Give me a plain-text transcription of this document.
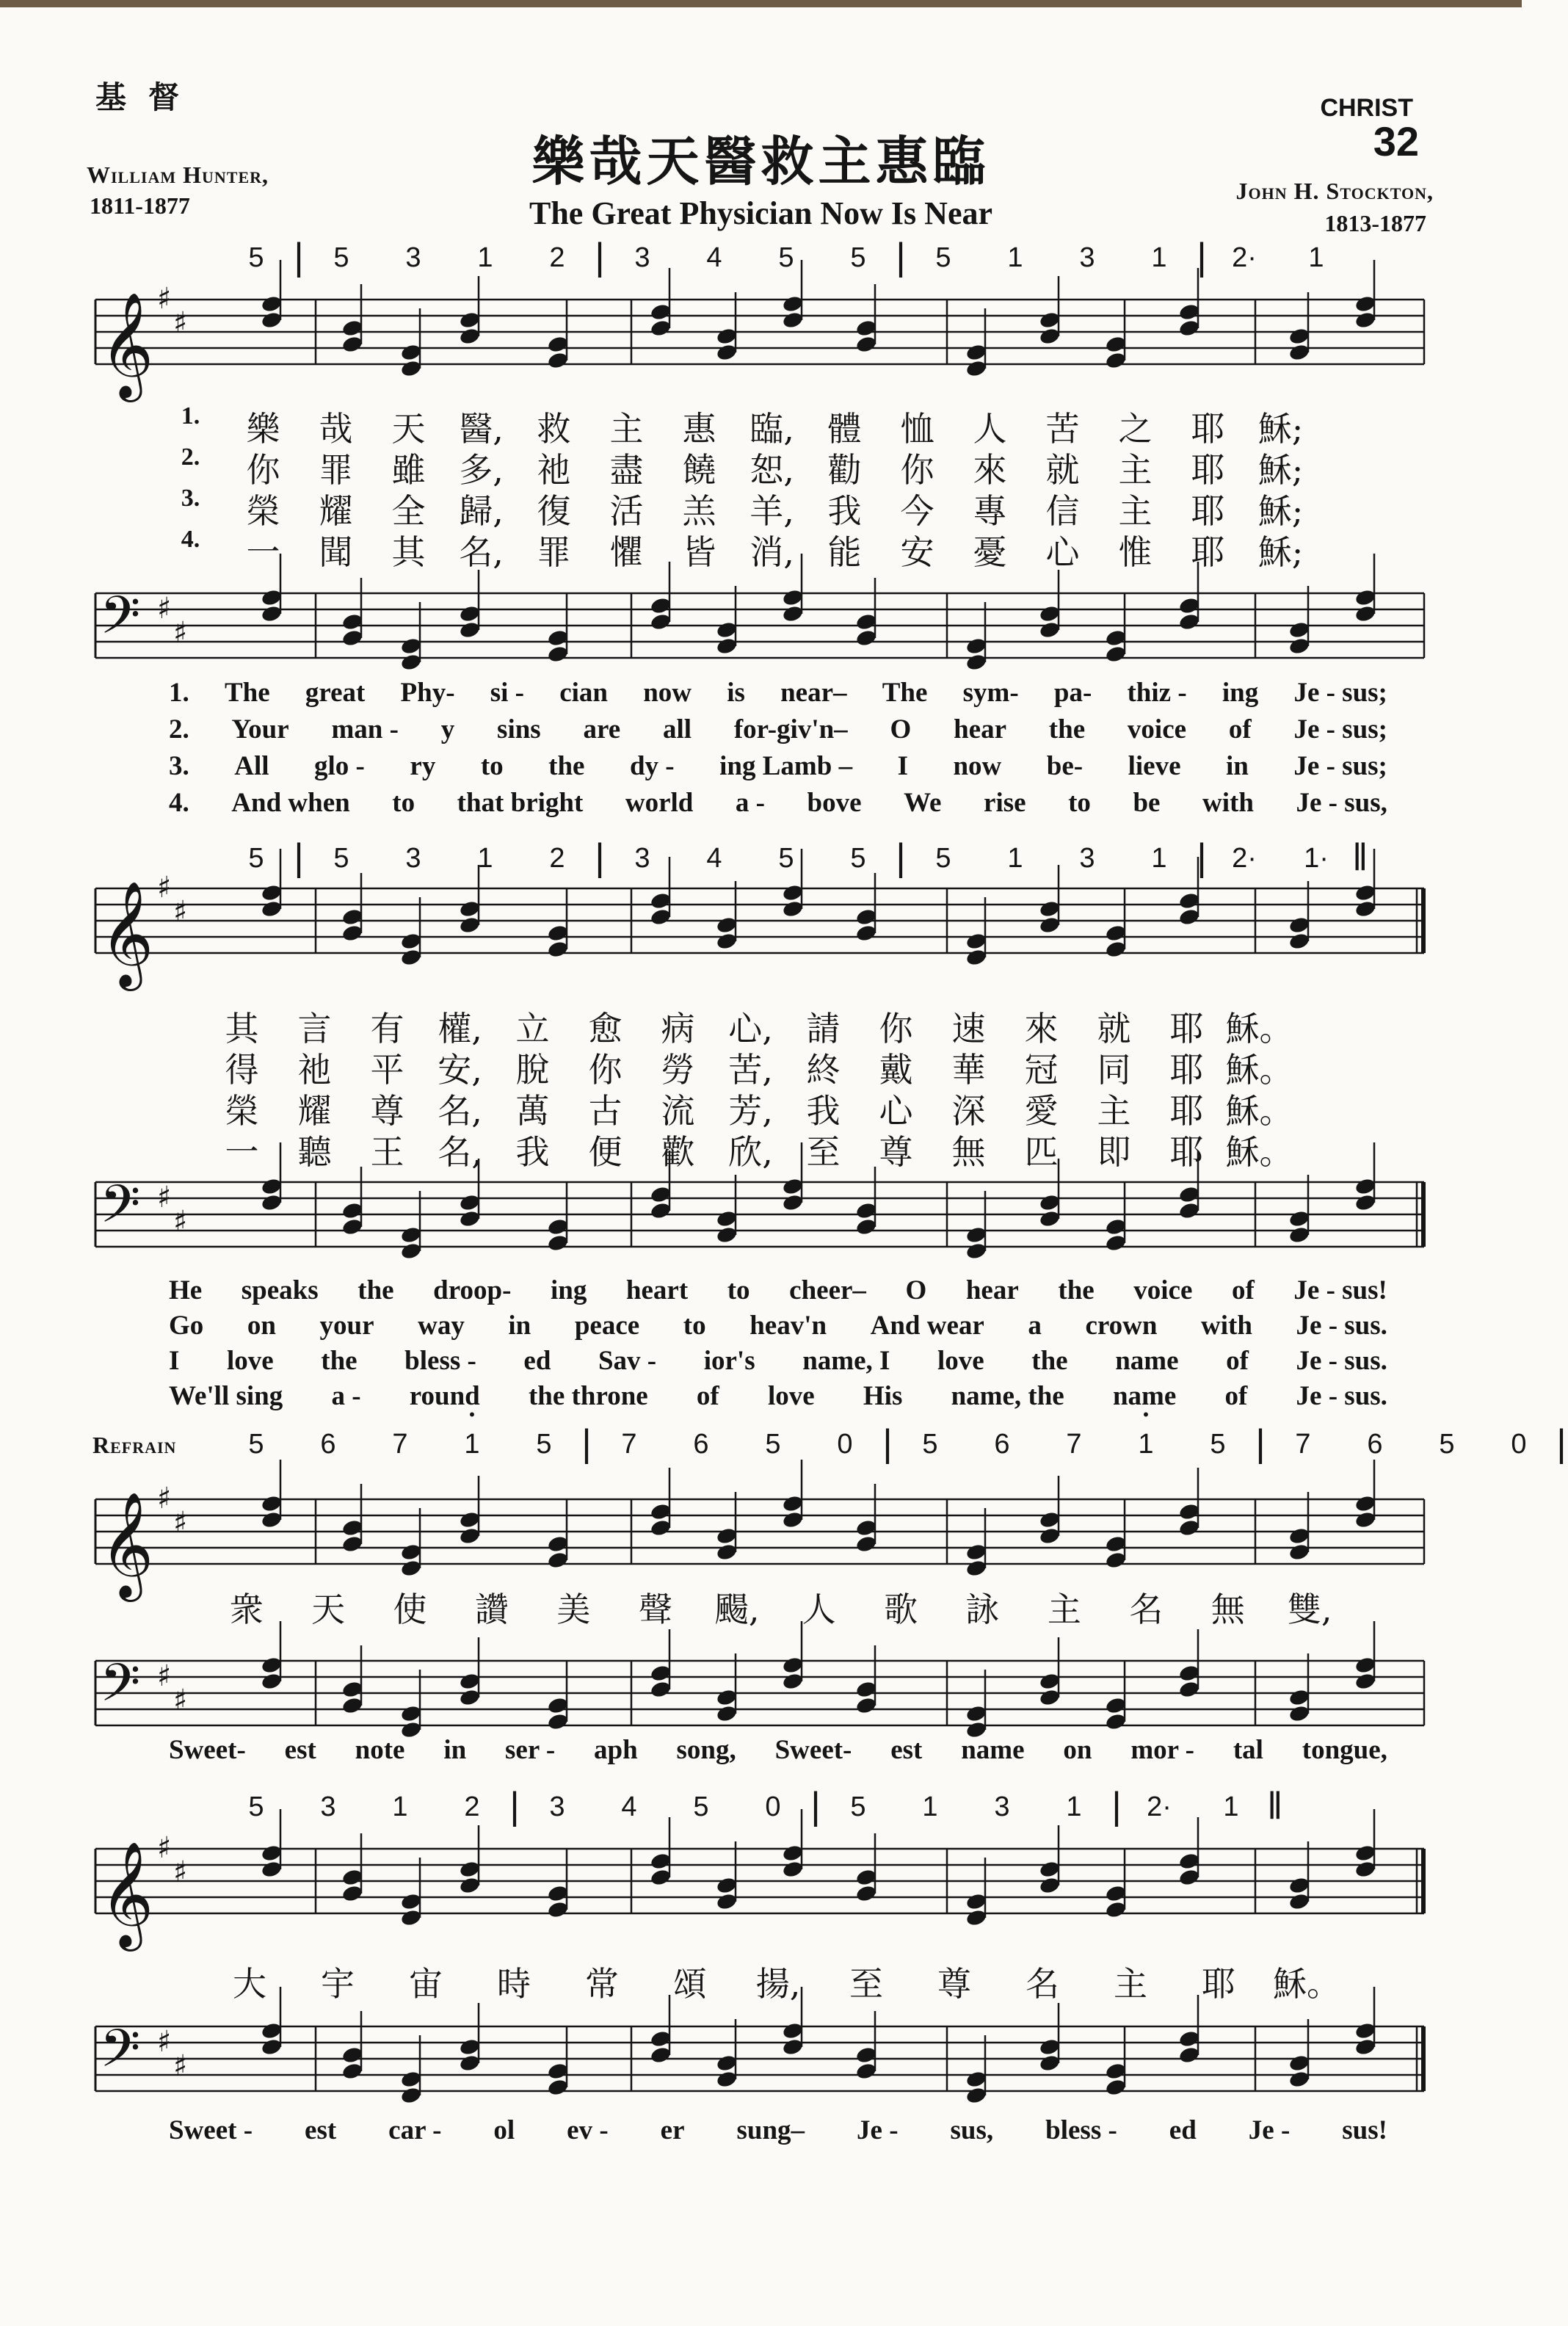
基督	CHRIST
32
樂哉天醫救主惠臨
The Great Physician Now Is Near
William Hunter,
1811-1877
John H. Stockton,
1813-1877
5 |	5	3	1	2 |	3	4	5	5 |	5	1	3	1 | 2·	1
𝄞 ♯
♯
1.	樂	哉	天 醫, 救	主	惠 臨, 體	恤	人	苦	之	耶 穌;
2.	你	罪	雖 多, 祂	盡	饒 恕, 勸	你	來	就	主	耶 穌;
3.	榮	耀	全 歸, 復	活	羔 羊, 我	今	專	信	主	耶 穌;
4.	一	聞	其 名, 罪	懼	皆 消, 能	安	憂	心	惟	耶 穌;
𝄢 ♯
♯
1. The great Phy- si - cian now is near– The sym- pa- thiz - ing Je - sus;
2. Your man - y sins are all for-giv'n– O hear the voice of Je - sus;
3. All glo - ry to the dy - ing Lamb – I now be- lieve in Je - sus;
4. And when to that bright world a - bove We rise to be with Je - sus,
5 |	5	3	1	2 |	3	4	5	5 |	5	1	3	1 | 2·	1· ‖
𝄞 ♯
♯
其	言	有 權, 立	愈	病 心, 請	你	速	來	就	耶 穌。
得	祂	平 安, 脫	你	勞 苦, 終	戴	華	冠	同	耶 穌。
榮	耀	尊 名, 萬	古	流 芳, 我	心	深	愛	主	耶 穌。
一	聽	王 名, 我	便	歡 欣, 至	尊	無	匹	即	耶 穌。
𝄢 ♯
♯
He speaks the droop- ing heart to cheer– O hear the voice of Je - sus!
Go on your way in peace to heav'n And wear a crown with Je - sus.
I love the bless - ed Sav - ior's name, I love the name of Je - sus.
We'll sing a - round the throne of love His name, the name of Je - sus.
Refrain	5	6	7	• 1	5 |	7	6	5	0 |	5	6	7	• 1	5 |	7	6	5	0 |
𝄞 ♯
♯
衆	天	使	讚	美	聲	颺,	人	歌	詠	主	名	無	雙,
𝄢 ♯
♯
Sweet- est note in ser - aph song, Sweet- est name on mor - tal tongue,
5	3	1	2 |	3	4	5	0 |	5	1	3	1 | 2·	1 ‖
𝄞 ♯
♯
大	宇	宙	時	常	頌	揚,	至	尊	名	主	耶	穌。
𝄢 ♯
♯
Sweet - est car - ol ev - er sung– Je - sus, bless - ed Je - sus!
